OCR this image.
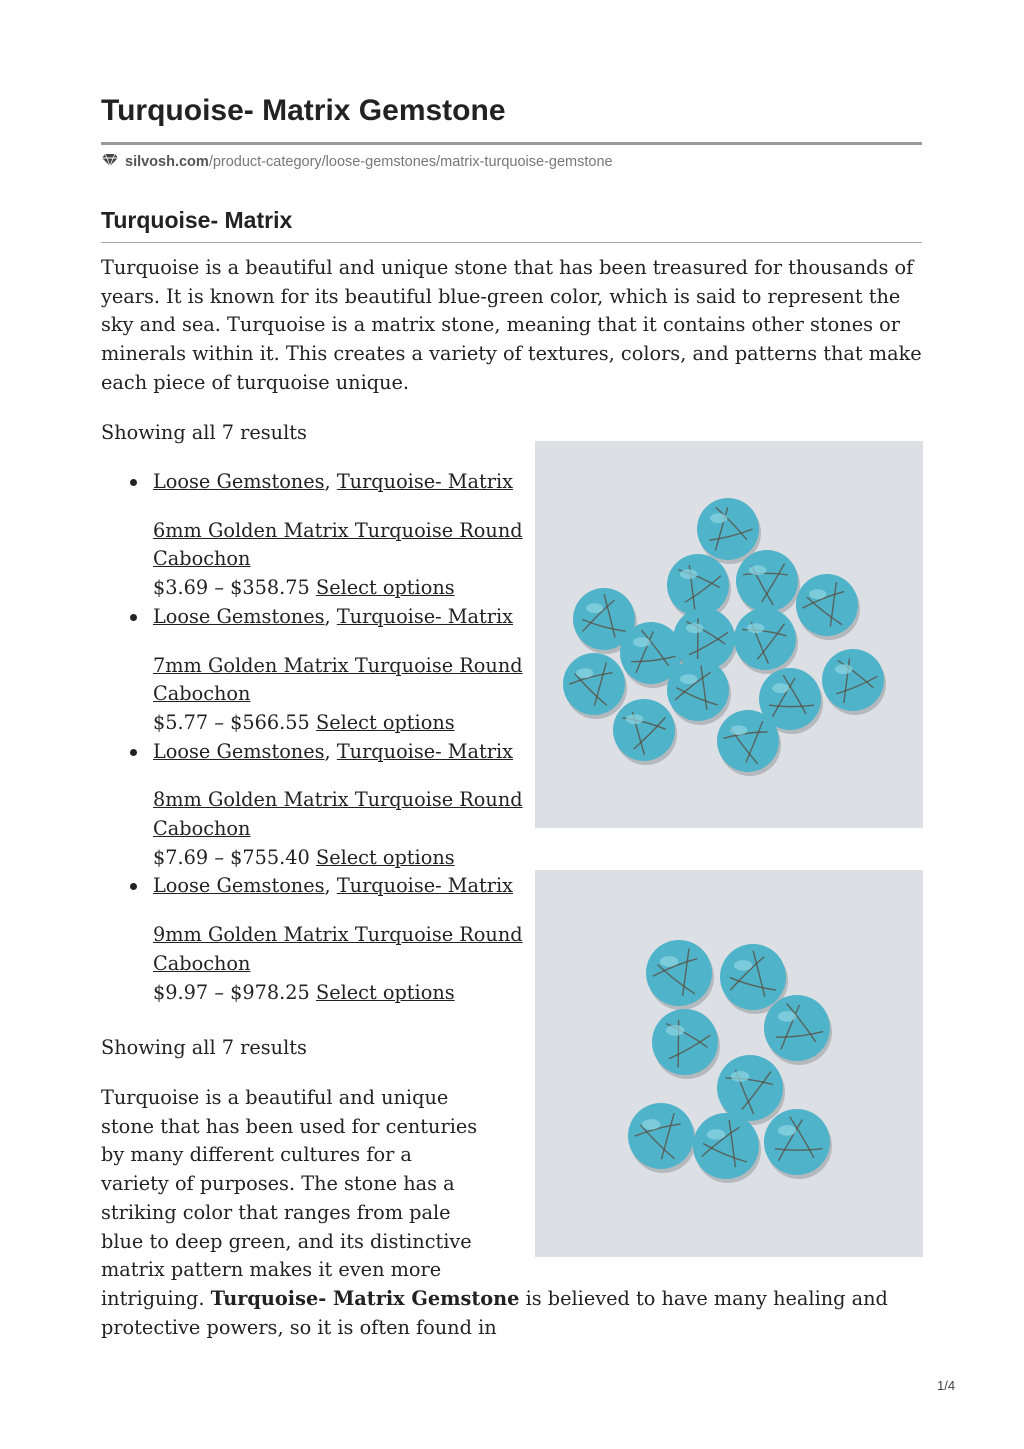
Turquoise- Matrix Gemstone
silvosh.com/product-category/loose-gemstones/matrix-turquoise-gemstone
Turquoise- Matrix

Turquoise is a beautiful and unique stone that has been treasured for thousands of years. It is known for its beautiful blue-green color, which is said to represent the sky and sea. Turquoise is a matrix stone, meaning that it contains other stones or minerals within it. This creates a variety of textures, colors, and patterns that make each piece of turquoise unique.

Showing all 7 results

Loose Gemstones, Turquoise- Matrix

6mm Golden Matrix Turquoise Round Cabochon

$3.69 – $358.75 Select options

Loose Gemstones, Turquoise- Matrix

7mm Golden Matrix Turquoise Round Cabochon

$5.77 – $566.55 Select options

Loose Gemstones, Turquoise- Matrix

8mm Golden Matrix Turquoise Round Cabochon

$7.69 – $755.40 Select options

Loose Gemstones, Turquoise- Matrix

9mm Golden Matrix Turquoise Round Cabochon

$9.97 – $978.25 Select options

Showing all 7 results

Turquoise is a beautiful and unique stone that has been used for centuries by many different cultures for a variety of purposes. The stone has a striking color that ranges from pale blue to deep green, and its distinctive matrix pattern makes it even more intriguing. Turquoise- Matrix Gemstone is believed to have many healing and protective powers, so it is often found in

1/4
